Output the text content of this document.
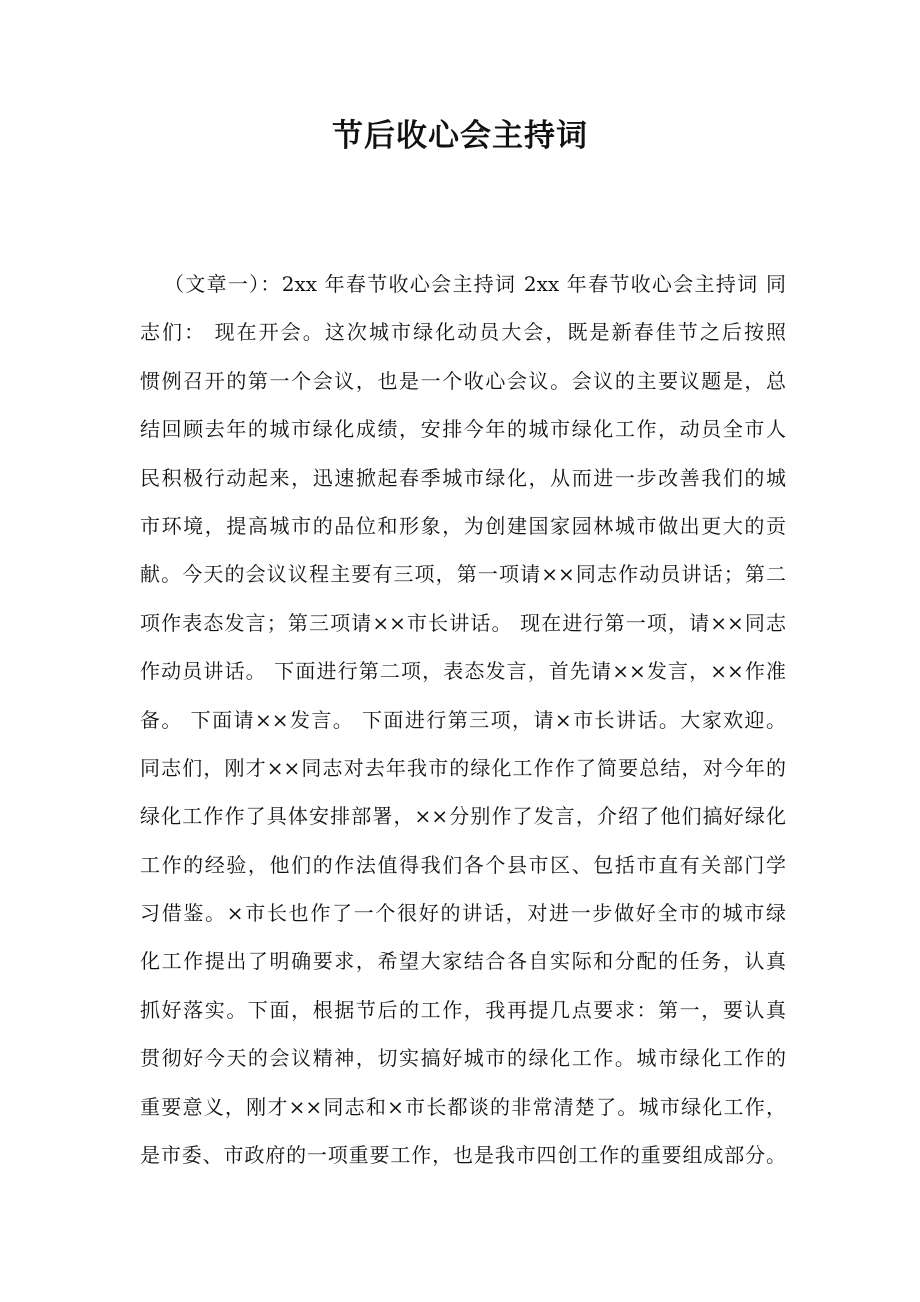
节后收心会主持词
（文章一）：2xx 年春节收心会主持词 2xx 年春节收心会主持词 同
志们： 现在开会。这次城市绿化动员大会，既是新春佳节之后按照
惯例召开的第一个会议，也是一个收心会议。会议的主要议题是，总
结回顾去年的城市绿化成绩，安排今年的城市绿化工作，动员全市人
民积极行动起来，迅速掀起春季城市绿化，从而进一步改善我们的城
市环境，提高城市的品位和形象，为创建国家园林城市做出更大的贡
献。今天的会议议程主要有三项，第一项请××同志作动员讲话；第二
项作表态发言；第三项请××市长讲话。 现在进行第一项，请××同志
作动员讲话。 下面进行第二项，表态发言，首先请××发言，××作准
备。 下面请××发言。 下面进行第三项，请×市长讲话。大家欢迎。
同志们，刚才××同志对去年我市的绿化工作作了简要总结，对今年的
绿化工作作了具体安排部署，××分别作了发言，介绍了他们搞好绿化
工作的经验，他们的作法值得我们各个县市区、包括市直有关部门学
习借鉴。×市长也作了一个很好的讲话，对进一步做好全市的城市绿
化工作提出了明确要求，希望大家结合各自实际和分配的任务，认真
抓好落实。下面，根据节后的工作，我再提几点要求：第一，要认真
贯彻好今天的会议精神，切实搞好城市的绿化工作。城市绿化工作的
重要意义，刚才××同志和×市长都谈的非常清楚了。城市绿化工作，
是市委、市政府的一项重要工作，也是我市四创工作的重要组成部分。
